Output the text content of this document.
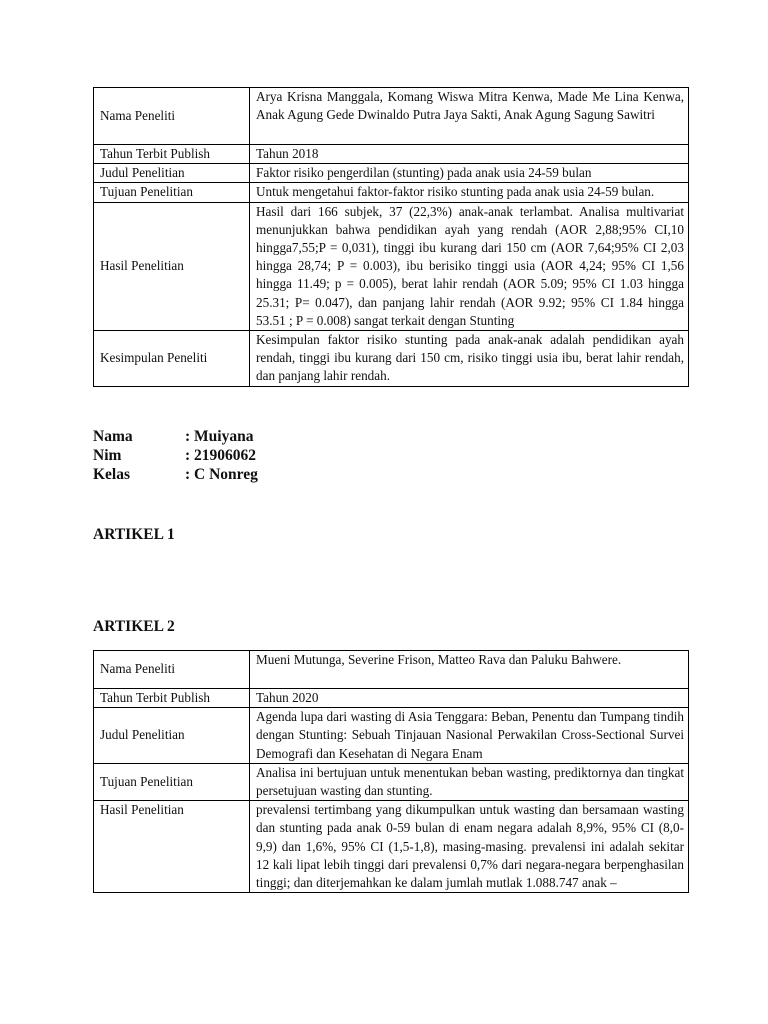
Nama Peneliti	Arya Krisna Manggala, Komang Wiswa Mitra Kenwa, Made Me Lina Kenwa, Anak Agung Gede Dwinaldo Putra Jaya Sakti, Anak Agung Sagung Sawitri
Tahun Terbit Publish	Tahun 2018
Judul Penelitian	Faktor risiko pengerdilan (stunting) pada anak usia 24-59 bulan
Tujuan Penelitian	Untuk mengetahui faktor-faktor risiko stunting pada anak usia 24-59 bulan.
Hasil Penelitian	Hasil dari 166 subjek, 37 (22,3%) anak-anak terlambat. Analisa multivariat menunjukkan bahwa pendidikan ayah yang rendah (AOR 2,88;95% CI,10 hingga7,55;P = 0,031), tinggi ibu kurang dari 150 cm (AOR 7,64;95% CI 2,03 hingga 28,74; P = 0.003), ibu berisiko tinggi usia (AOR 4,24; 95% CI 1,56 hingga 11.49; p = 0.005), berat lahir rendah (AOR 5.09; 95% CI 1.03 hingga 25.31; P= 0.047), dan panjang lahir rendah (AOR 9.92; 95% CI 1.84 hingga 53.51 ; P = 0.008) sangat terkait dengan Stunting
Kesimpulan Peneliti	Kesimpulan faktor risiko stunting pada anak-anak adalah pendidikan ayah rendah, tinggi ibu kurang dari 150 cm, risiko tinggi usia ibu, berat lahir rendah, dan panjang lahir rendah.
Nama	: Muiyana
Nim	: 21906062
Kelas	: C Nonreg
ARTIKEL 1
ARTIKEL 2
Nama Peneliti	Mueni Mutunga, Severine Frison, Matteo Rava dan Paluku Bahwere.
Tahun Terbit Publish	Tahun 2020
Judul Penelitian	Agenda lupa dari wasting di Asia Tenggara: Beban, Penentu dan Tumpang tindih dengan Stunting: Sebuah Tinjauan Nasional Perwakilan Cross-Sectional Survei Demografi dan Kesehatan di Negara Enam
Tujuan Penelitian	Analisa ini bertujuan untuk menentukan beban wasting, prediktornya dan tingkat persetujuan wasting dan stunting.
Hasil Penelitian	prevalensi tertimbang yang dikumpulkan untuk wasting dan bersamaan wasting dan stunting pada anak 0-59 bulan di enam negara adalah 8,9%, 95% CI (8,0-9,9) dan 1,6%, 95% CI (1,5-1,8), masing-masing. prevalensi ini adalah sekitar 12 kali lipat lebih tinggi dari prevalensi 0,7% dari negara-negara berpenghasilan tinggi; dan diterjemahkan ke dalam jumlah mutlak 1.088.747 anak –
